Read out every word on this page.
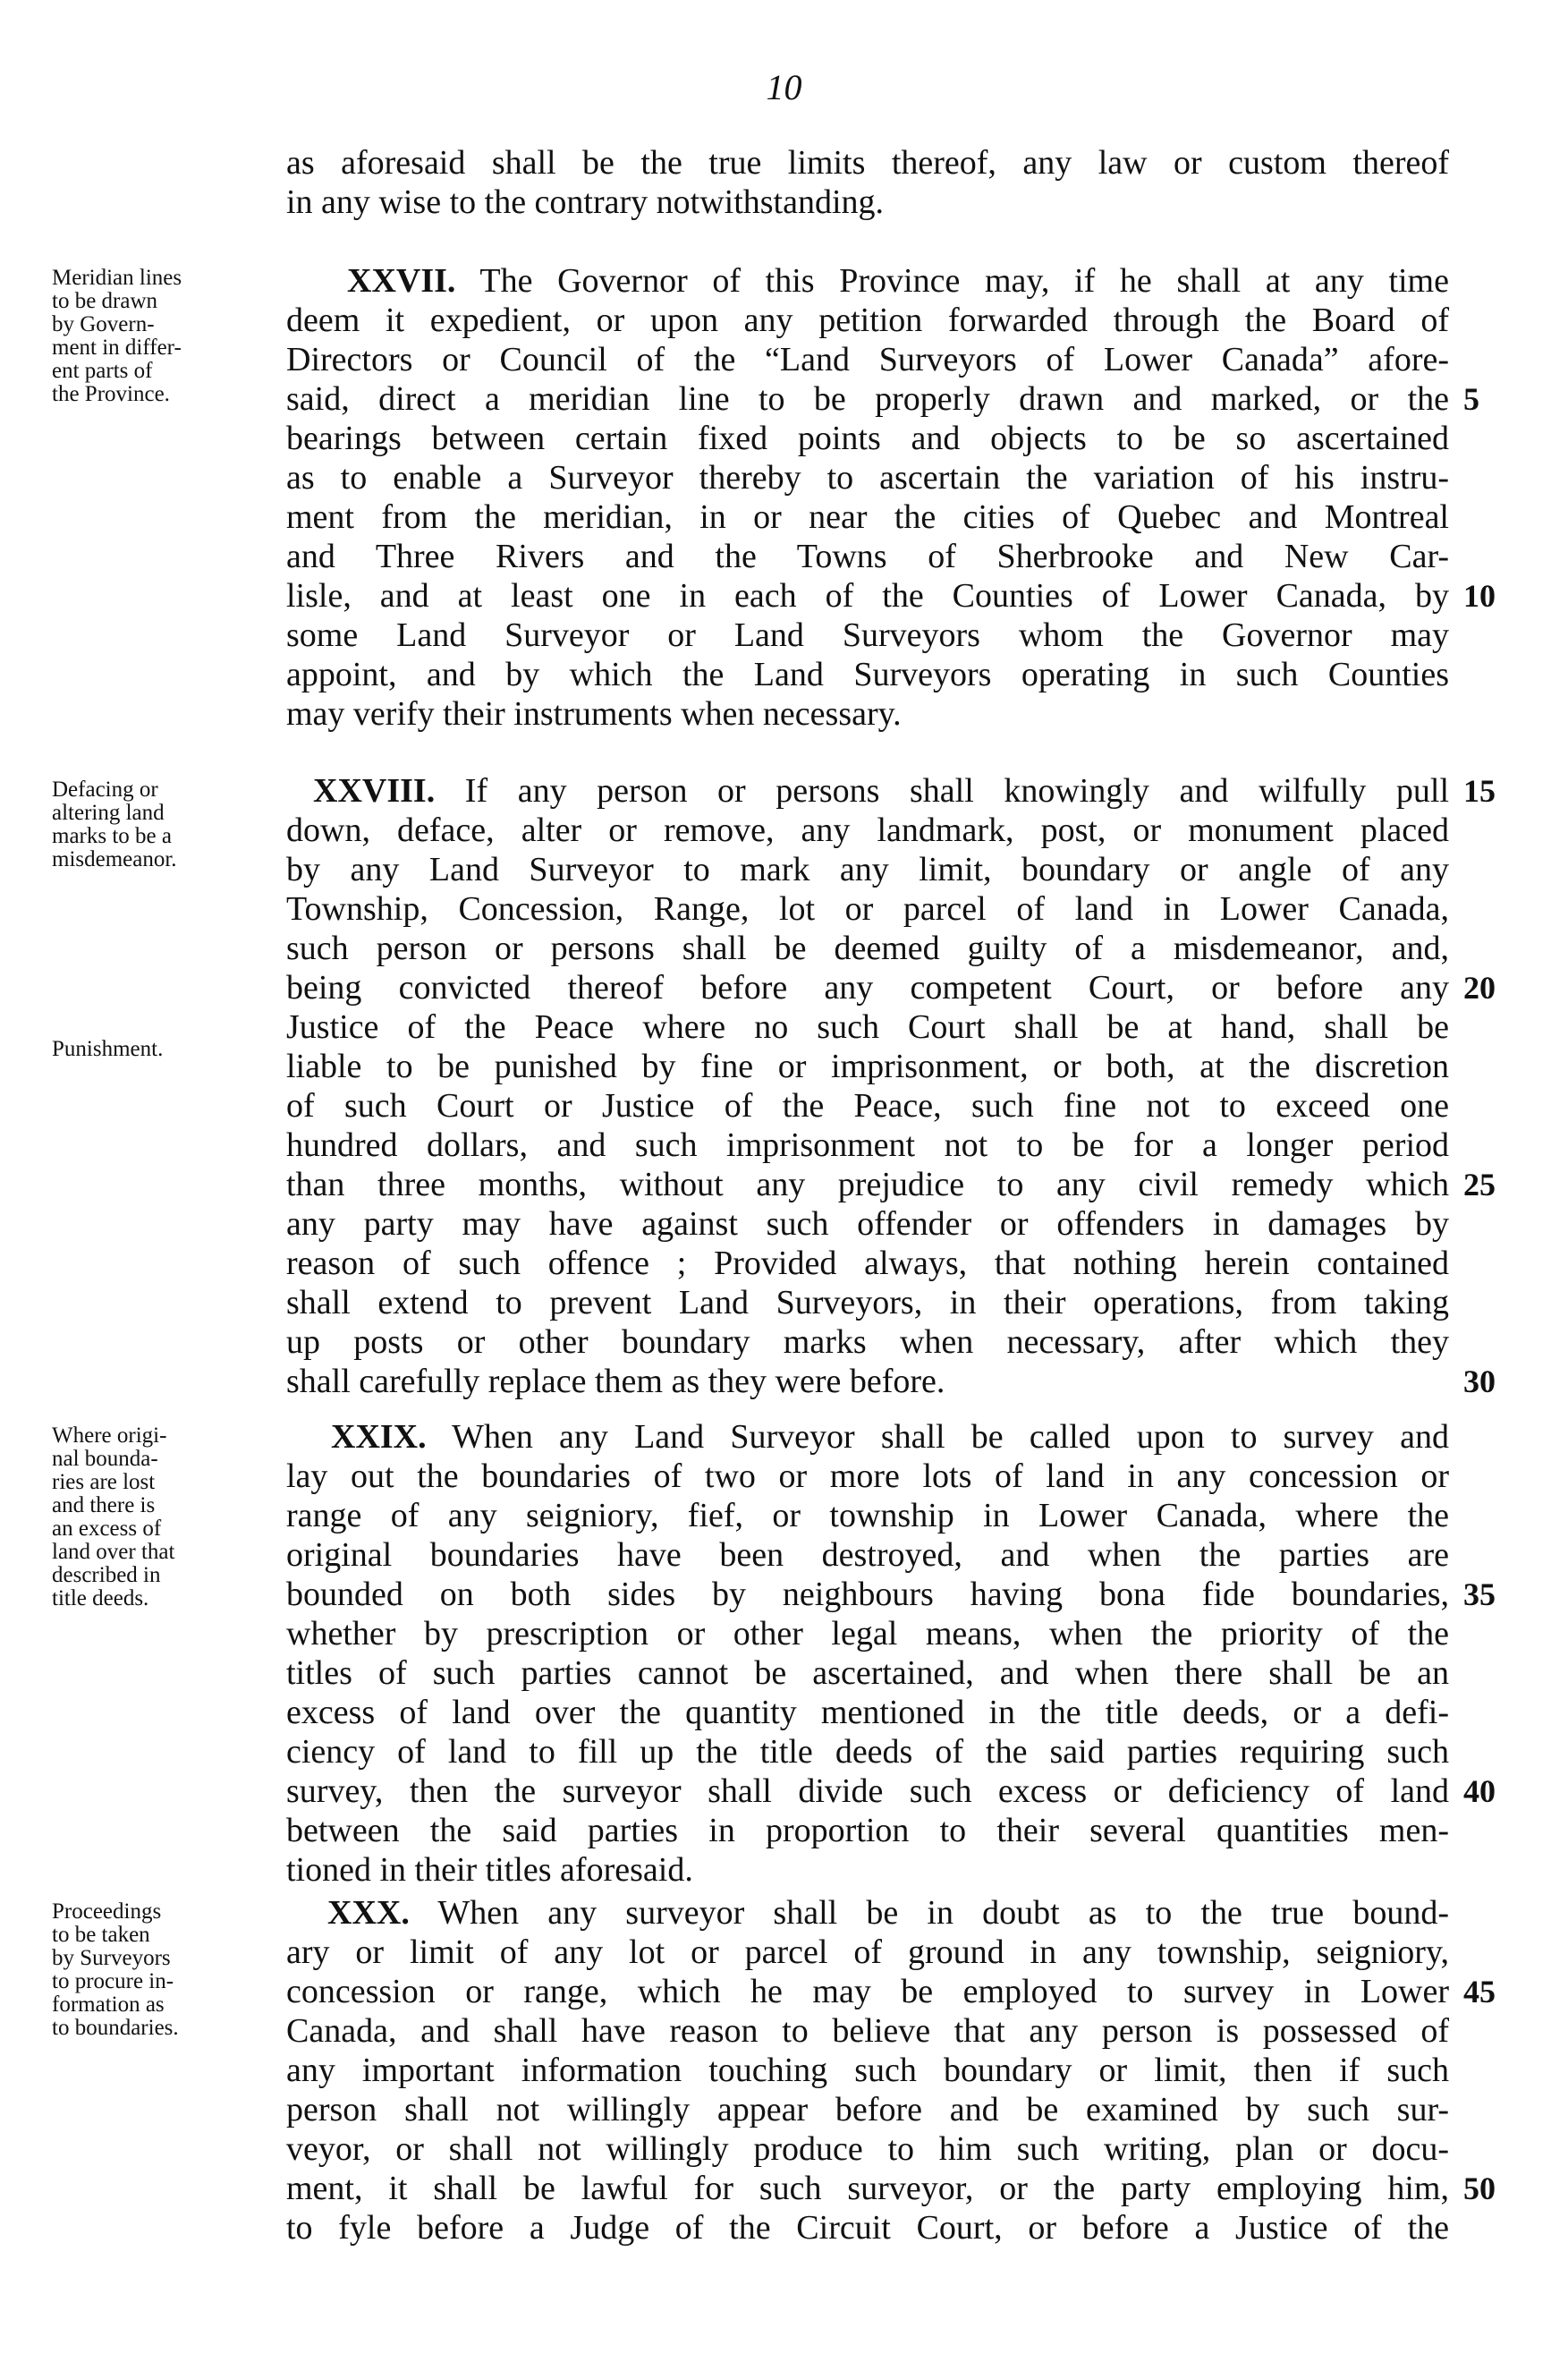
10
as aforesaid shall be the true limits thereof, any law or custom thereof
in any wise to the contrary notwithstanding.
Meridian lines
to be drawn
by Govern-
ment in differ-
ent parts of
the Province.
XXVII. The Governor of this Province may, if he shall at any time
deem it expedient, or upon any petition forwarded through the Board of
Directors or Council of the “Land Surveyors of Lower Canada” afore-
said, direct a meridian line to be properly drawn and marked, or the
bearings between certain fixed points and objects to be so ascertained
as to enable a Surveyor thereby to ascertain the variation of his instru-
ment from the meridian, in or near the cities of Quebec and Montreal
and Three Rivers and the Towns of Sherbrooke and New Car-
lisle, and at least one in each of the Counties of Lower Canada, by
some Land Surveyor or Land Surveyors whom the Governor may
appoint, and by which the Land Surveyors operating in such Counties
may verify their instruments when necessary.
Defacing or
altering land
marks to be a
misdemeanor.
Punishment.
XXVIII. If any person or persons shall knowingly and wilfully pull
down, deface, alter or remove, any landmark, post, or monument placed
by any Land Surveyor to mark any limit, boundary or angle of any
Township, Concession, Range, lot or parcel of land in Lower Canada,
such person or persons shall be deemed guilty of a misdemeanor, and,
being convicted thereof before any competent Court, or before any
Justice of the Peace where no such Court shall be at hand, shall be
liable to be punished by fine or imprisonment, or both, at the discretion
of such Court or Justice of the Peace, such fine not to exceed one
hundred dollars, and such imprisonment not to be for a longer period
than three months, without any prejudice to any civil remedy which
any party may have against such offender or offenders in damages by
reason of such offence ; Provided always, that nothing herein contained
shall extend to prevent Land Surveyors, in their operations, from taking
up posts or other boundary marks when necessary, after which they
shall carefully replace them as they were before.
Where origi-
nal bounda-
ries are lost
and there is
an excess of
land over that
described in
title deeds.
XXIX. When any Land Surveyor shall be called upon to survey and
lay out the boundaries of two or more lots of land in any concession or
range of any seigniory, fief, or township in Lower Canada, where the
original boundaries have been destroyed, and when the parties are
bounded on both sides by neighbours having bona fide boundaries,
whether by prescription or other legal means, when the priority of the
titles of such parties cannot be ascertained, and when there shall be an
excess of land over the quantity mentioned in the title deeds, or a defi-
ciency of land to fill up the title deeds of the said parties requiring such
survey, then the surveyor shall divide such excess or deficiency of land
between the said parties in proportion to their several quantities men-
tioned in their titles aforesaid.
Proceedings
to be taken
by Surveyors
to procure in-
formation as
to boundaries.
XXX. When any surveyor shall be in doubt as to the true bound-
ary or limit of any lot or parcel of ground in any township, seigniory,
concession or range, which he may be employed to survey in Lower
Canada, and shall have reason to believe that any person is possessed of
any important information touching such boundary or limit, then if such
person shall not willingly appear before and be examined by such sur-
veyor, or shall not willingly produce to him such writing, plan or docu-
ment, it shall be lawful for such surveyor, or the party employing him,
to fyle before a Judge of the Circuit Court, or before a Justice of the
5
10
15
20
25
30
35
40
45
50
